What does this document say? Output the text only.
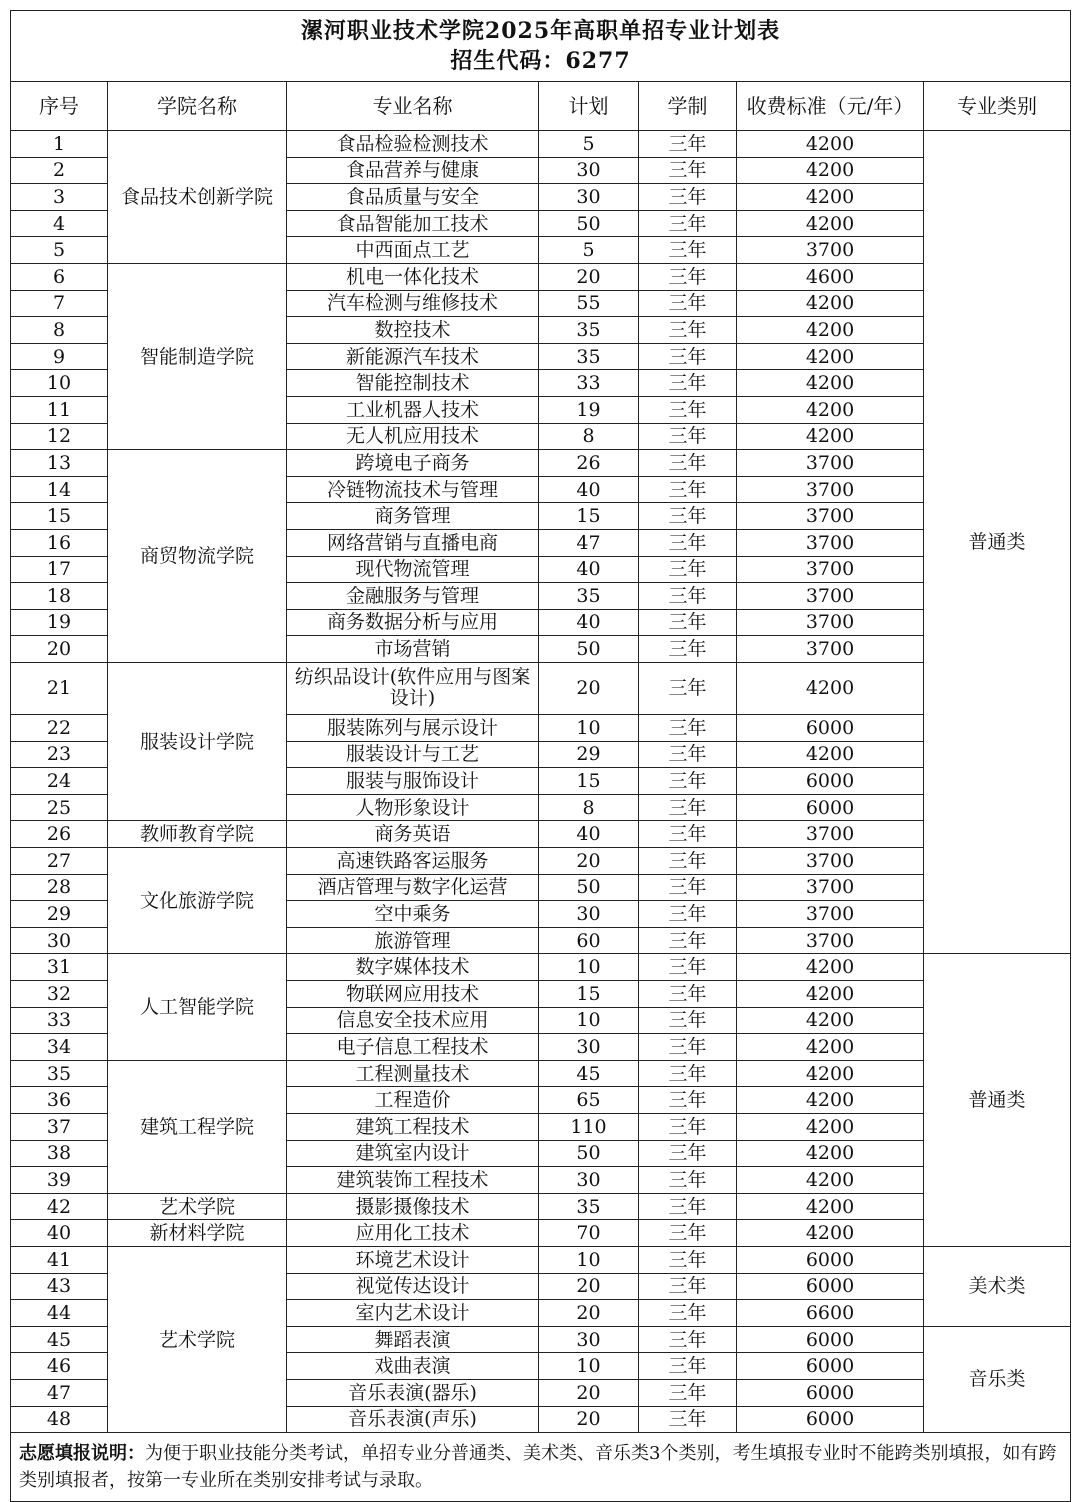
漯河职业技术学院2025年高职单招专业计划表
招生代码：6277						

序号	学院名称	专业名称	计划	学制	收费标准（元/年）	专业类别
1	食品技术创新学院	食品检验检测技术	5	三年	4200	普通类
2		食品营养与健康	30	三年	4200	
3		食品质量与安全	30	三年	4200	
4		食品智能加工技术	50	三年	4200	
5		中西面点工艺	5	三年	3700	
6	智能制造学院	机电一体化技术	20	三年	4600	
7		汽车检测与维修技术	55	三年	4200	
8		数控技术	35	三年	4200	
9		新能源汽车技术	35	三年	4200	
10		智能控制技术	33	三年	4200	
11		工业机器人技术	19	三年	4200	
12		无人机应用技术	8	三年	4200	
13	商贸物流学院	跨境电子商务	26	三年	3700	
14		冷链物流技术与管理	40	三年	3700	
15		商务管理	15	三年	3700	
16		网络营销与直播电商	47	三年	3700	
17		现代物流管理	40	三年	3700	
18		金融服务与管理	35	三年	3700	
19		商务数据分析与应用	40	三年	3700	
20		市场营销	50	三年	3700	
21	服装设计学院	纺织品设计(软件应用与图案设计)	20	三年	4200	
22		服装陈列与展示设计	10	三年	6000	
23		服装设计与工艺	29	三年	4200	
24		服装与服饰设计	15	三年	6000	
25		人物形象设计	8	三年	6000	
26	教师教育学院	商务英语	40	三年	3700	
27	文化旅游学院	高速铁路客运服务	20	三年	3700	
28		酒店管理与数字化运营	50	三年	3700	
29		空中乘务	30	三年	3700	
30		旅游管理	60	三年	3700	
31	人工智能学院	数字媒体技术	10	三年	4200	普通类
32		物联网应用技术	15	三年	4200	
33		信息安全技术应用	10	三年	4200	
34		电子信息工程技术	30	三年	4200	
35	建筑工程学院	工程测量技术	45	三年	4200	
36		工程造价	65	三年	4200	
37		建筑工程技术	110	三年	4200	
38		建筑室内设计	50	三年	4200	
39		建筑装饰工程技术	30	三年	4200	
42	艺术学院	摄影摄像技术	35	三年	4200	
40	新材料学院	应用化工技术	70	三年	4200	
41	艺术学院	环境艺术设计	10	三年	6000	美术类
43		视觉传达设计	20	三年	6000	
44		室内艺术设计	20	三年	6600	
45		舞蹈表演	30	三年	6000	音乐类
46		戏曲表演	10	三年	6000	
47		音乐表演(器乐)	20	三年	6000	
48		音乐表演(声乐)	20	三年	6000	
志愿填报说明：为便于职业技能分类考试，单招专业分普通类、美术类、音乐类3个类别，考生填报专业时不能跨类别填报，如有跨类别填报者，按第一专业所在类别安排考试与录取。						
